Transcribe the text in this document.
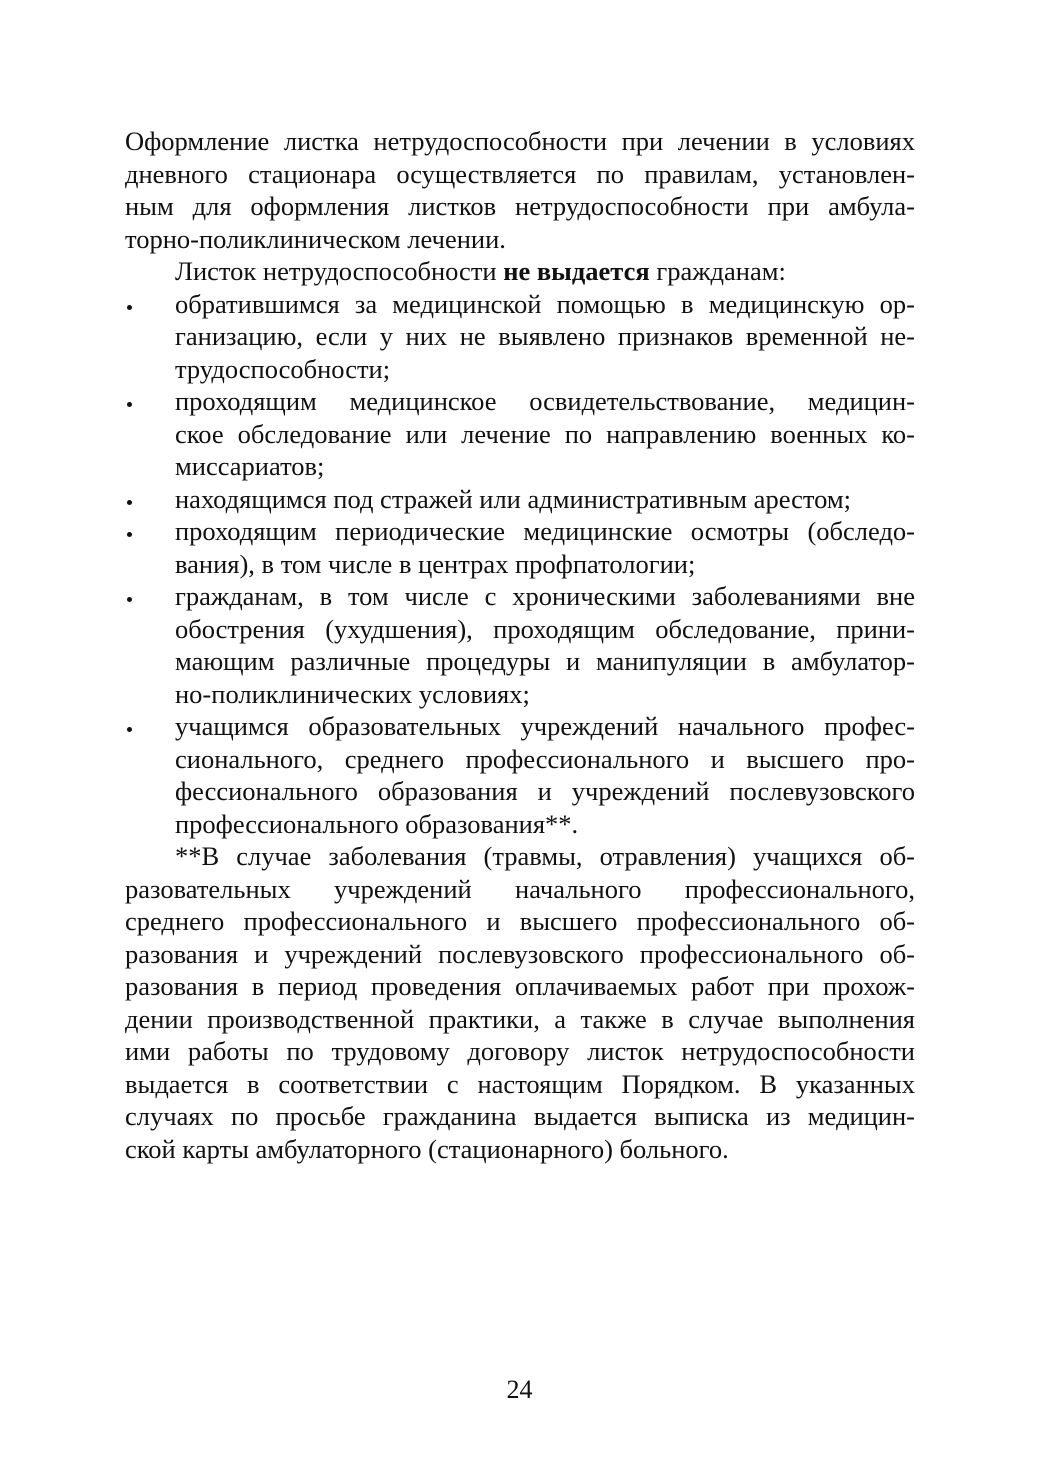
Оформление листка нетрудоспособности при лечении в условиях
дневного стационара осуществляется по правилам, установлен-
ным для оформления листков нетрудоспособности при амбула-
торно-поликлиническом лечении.
Листок нетрудоспособности не выдается гражданам:
обратившимся за медицинской помощью в медицинскую ор-
ганизацию, если у них не выявлено признаков временной не-
трудоспособности;
проходящим медицинское освидетельствование, медицин-
ское обследование или лечение по направлению военных ко-
миссариатов;
находящимся под стражей или административным арестом;
проходящим периодические медицинские осмотры (обследо-
вания), в том числе в центрах профпатологии;
гражданам, в том числе с хроническими заболеваниями вне
обострения (ухудшения), проходящим обследование, прини-
мающим различные процедуры и манипуляции в амбулатор-
но-поликлинических условиях;
учащимся образовательных учреждений начального профес-
сионального, среднего профессионального и высшего про-
фессионального образования и учреждений послевузовского
профессионального образования**.
**В случае заболевания (травмы, отравления) учащихся об-
разовательных учреждений начального профессионального,
среднего профессионального и высшего профессионального об-
разования и учреждений послевузовского профессионального об-
разования в период проведения оплачиваемых работ при прохож-
дении производственной практики, а также в случае выполнения
ими работы по трудовому договору листок нетрудоспособности
выдается в соответствии с настоящим Порядком. В указанных
случаях по просьбе гражданина выдается выписка из медицин-
ской карты амбулаторного (стационарного) больного.
24
